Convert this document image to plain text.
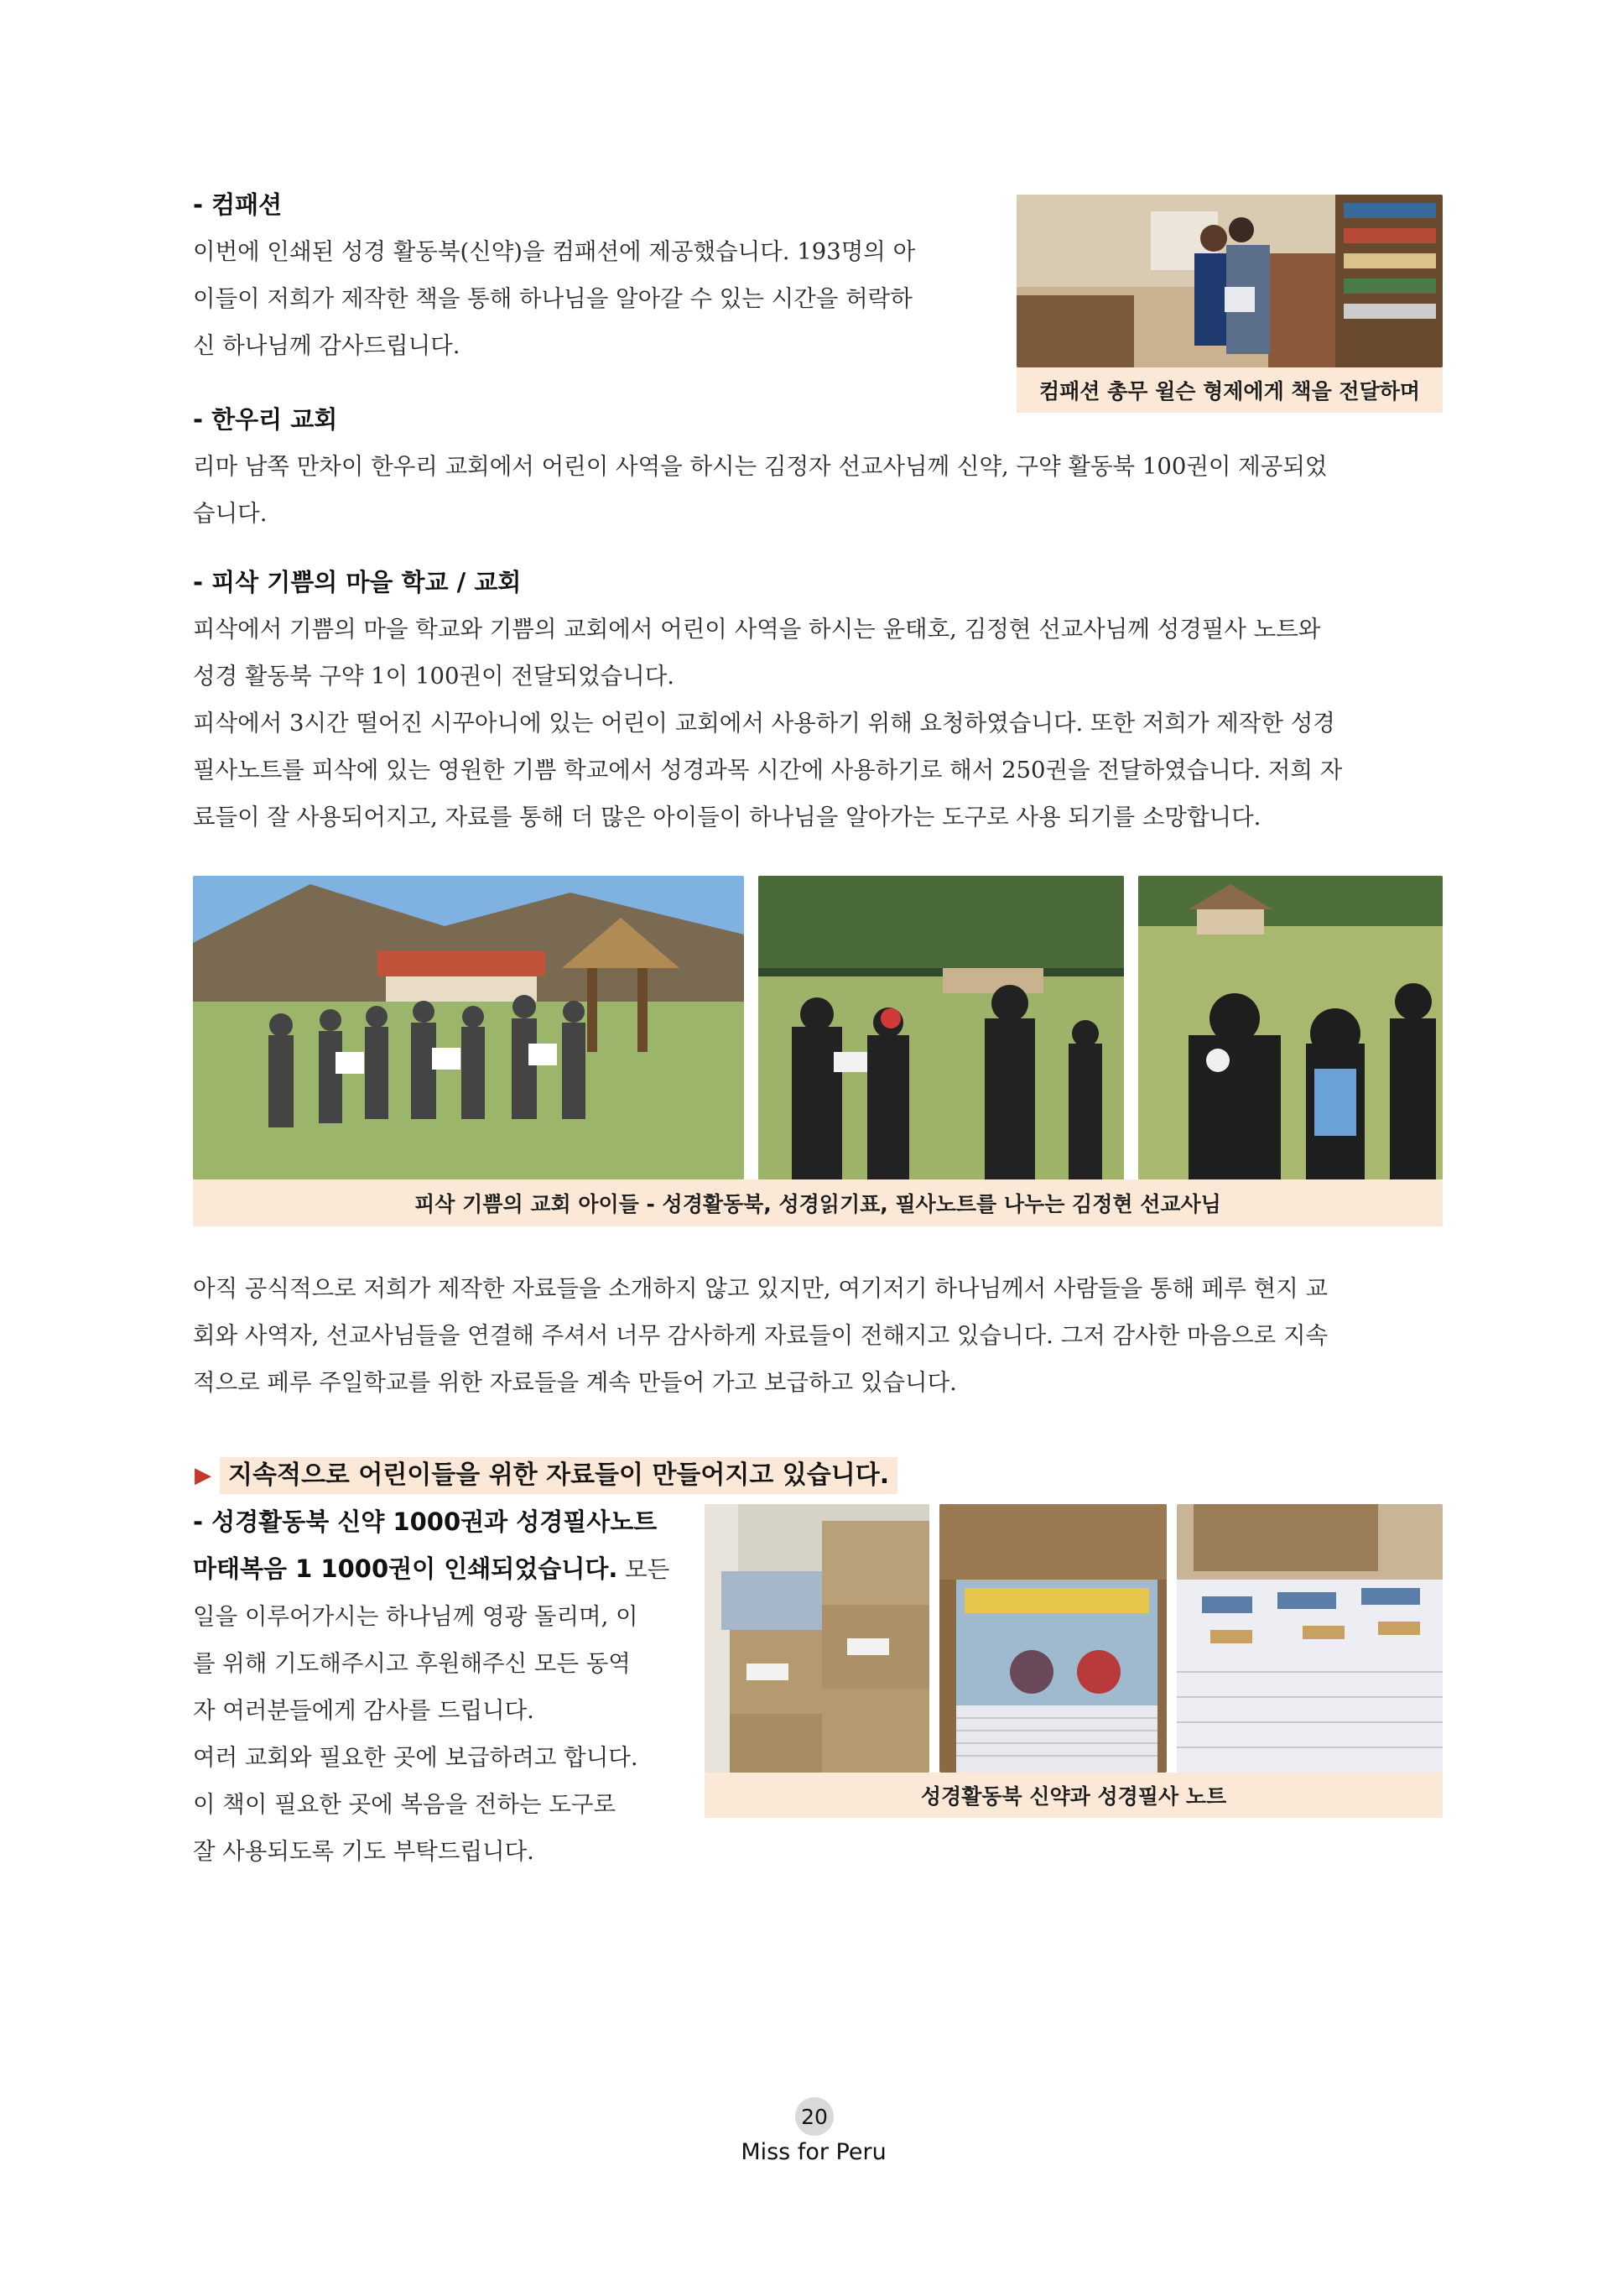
- 컴패션
이번에 인쇄된 성경 활동북(신약)을 컴패션에 제공했습니다. 193명의 아
이들이 저희가 제작한 책을 통해 하나님을 알아갈 수 있는 시간을 허락하
신 하나님께 감사드립니다.
컴패션 총무 윌슨 형제에게 책을 전달하며
- 한우리 교회
리마 남쪽 만차이 한우리 교회에서 어린이 사역을 하시는 김정자 선교사님께 신약, 구약 활동북 100권이 제공되었
습니다.
- 피삭 기쁨의 마을 학교 / 교회
피삭에서 기쁨의 마을 학교와 기쁨의 교회에서 어린이 사역을 하시는 윤태호, 김정현 선교사님께 성경필사 노트와
성경 활동북 구약 1이 100권이 전달되었습니다.
피삭에서 3시간 떨어진 시꾸아니에 있는 어린이 교회에서 사용하기 위해 요청하였습니다. 또한 저희가 제작한 성경
필사노트를 피삭에 있는 영원한 기쁨 학교에서 성경과목 시간에 사용하기로 해서 250권을 전달하였습니다. 저희 자
료들이 잘 사용되어지고, 자료를 통해 더 많은 아이들이 하나님을 알아가는 도구로 사용 되기를 소망합니다.
피삭 기쁨의 교회 아이들 - 성경활동북, 성경읽기표, 필사노트를 나누는 김정현 선교사님
아직 공식적으로 저희가 제작한 자료들을 소개하지 않고 있지만, 여기저기 하나님께서 사람들을 통해 페루 현지 교
회와 사역자, 선교사님들을 연결해 주셔서 너무 감사하게 자료들이 전해지고 있습니다. 그저 감사한 마음으로 지속
적으로 페루 주일학교를 위한 자료들을 계속 만들어 가고 보급하고 있습니다.
▶ 지속적으로 어린이들을 위한 자료들이 만들어지고 있습니다.
- 성경활동북 신약 1000권과 성경필사노트
마태복음 1 1000권이 인쇄되었습니다. 모든
일을 이루어가시는 하나님께 영광 돌리며, 이
를 위해 기도해주시고 후원해주신 모든 동역
자 여러분들에게 감사를 드립니다.
여러 교회와 필요한 곳에 보급하려고 합니다.
이 책이 필요한 곳에 복음을 전하는 도구로
잘 사용되도록 기도 부탁드립니다.
성경활동북 신약과 성경필사 노트
20
Miss for Peru
